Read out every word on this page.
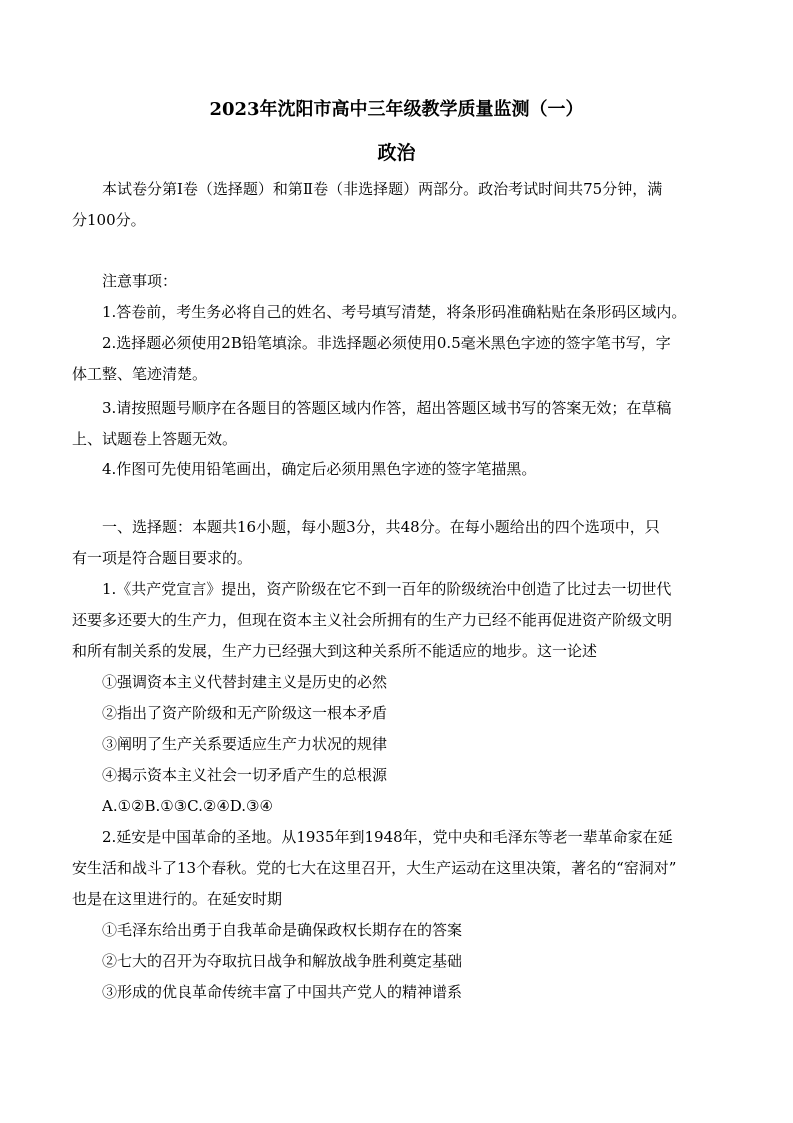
2023年沈阳市高中三年级教学质量监测（一）
政治
本试卷分第Ⅰ卷（选择题）和第Ⅱ卷（非选择题）两部分。政治考试时间共75分钟，满
分100分。
注意事项：
1.答卷前，考生务必将自己的姓名、考号填写清楚，将条形码准确粘贴在条形码区域内。
2.选择题必须使用2B铅笔填涂。非选择题必须使用0.5毫米黑色字迹的签字笔书写，字
体工整、笔迹清楚。
3.请按照题号顺序在各题目的答题区域内作答，超出答题区域书写的答案无效；在草稿
上、试题卷上答题无效。
4.作图可先使用铅笔画出，确定后必须用黑色字迹的签字笔描黑。
一、选择题：本题共16小题，每小题3分，共48分。在每小题给出的四个选项中，只
有一项是符合题目要求的。
1.《共产党宣言》提出，资产阶级在它不到一百年的阶级统治中创造了比过去一切世代
还要多还要大的生产力，但现在资本主义社会所拥有的生产力已经不能再促进资产阶级文明
和所有制关系的发展，生产力已经强大到这种关系所不能适应的地步。这一论述
①强调资本主义代替封建主义是历史的必然
②指出了资产阶级和无产阶级这一根本矛盾
③阐明了生产关系要适应生产力状况的规律
④揭示资本主义社会一切矛盾产生的总根源
A.①②B.①③C.②④D.③④
2.延安是中国革命的圣地。从1935年到1948年，党中央和毛泽东等老一辈革命家在延
安生活和战斗了13个春秋。党的七大在这里召开，大生产运动在这里决策，著名的“窑洞对”
也是在这里进行的。在延安时期
①毛泽东给出勇于自我革命是确保政权长期存在的答案
②七大的召开为夺取抗日战争和解放战争胜利奠定基础
③形成的优良革命传统丰富了中国共产党人的精神谱系
